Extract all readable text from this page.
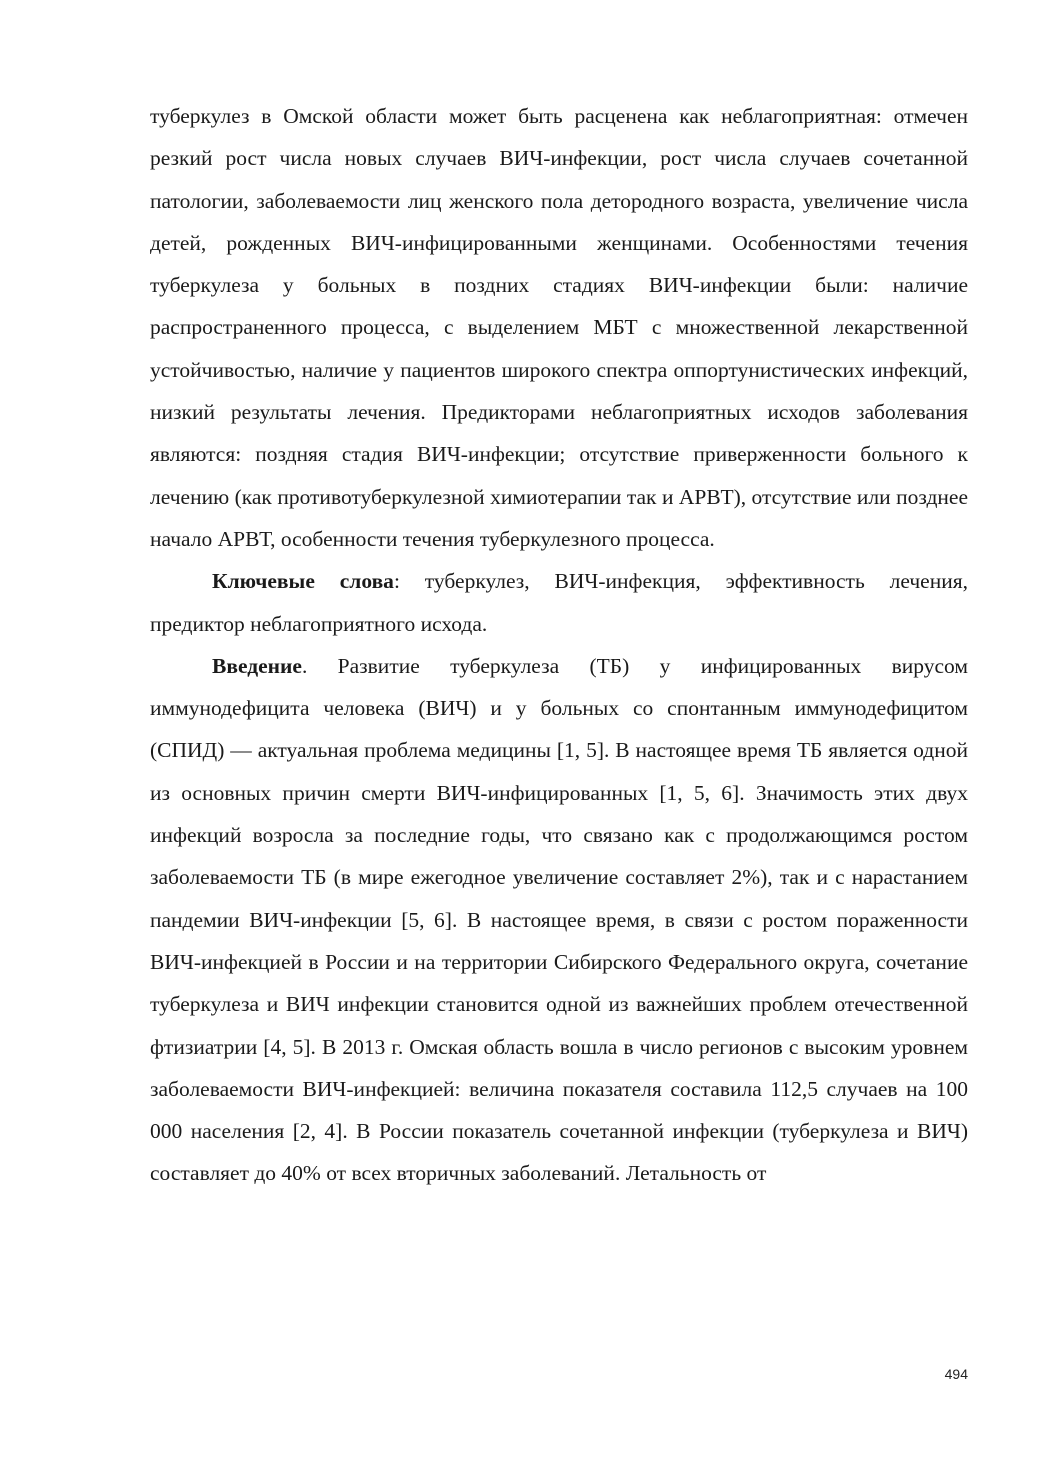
туберкулез в Омской области может быть расценена как неблагоприятная: отмечен резкий рост числа новых случаев ВИЧ-инфекции, рост числа случаев сочетанной патологии, заболеваемости лиц женского пола детородного возраста, увеличение числа детей, рожденных ВИЧ-инфицированными женщинами. Особенностями течения туберкулеза у больных в поздних стадиях ВИЧ-инфекции были: наличие распространенного процесса, с выделением МБТ с множественной лекарственной устойчивостью, наличие у пациентов широкого спектра оппортунистических инфекций, низкий результаты лечения. Предикторами неблагоприятных исходов заболевания являются: поздняя стадия ВИЧ-инфекции; отсутствие приверженности больного к лечению (как противотуберкулезной химиотерапии так и АРВТ), отсутствие или позднее начало АРВТ, особенности течения туберкулезного процесса.

Ключевые слова: туберкулез, ВИЧ-инфекция, эффективность лечения, предиктор неблагоприятного исхода.

Введение. Развитие туберкулеза (ТБ) у инфицированных вирусом иммунодефицита человека (ВИЧ) и у больных со спонтанным иммунодефицитом (СПИД) — актуальная проблема медицины [1, 5]. В настоящее время ТБ является одной из основных причин смерти ВИЧ-инфицированных [1, 5, 6]. Значимость этих двух инфекций возросла за последние годы, что связано как с продолжающимся ростом заболеваемости ТБ (в мире ежегодное увеличение составляет 2%), так и с нарастанием пандемии ВИЧ-инфекции [5, 6]. В настоящее время, в связи с ростом пораженности ВИЧ-инфекцией в России и на территории Сибирского Федерального округа, сочетание туберкулеза и ВИЧ инфекции становится одной из важнейших проблем отечественной фтизиатрии [4, 5]. В 2013 г. Омская область вошла в число регионов с высоким уровнем заболеваемости ВИЧ-инфекцией: величина показателя составила 112,5 случаев на 100 000 населения [2, 4]. В России показатель сочетанной инфекции (туберкулеза и ВИЧ) составляет до 40% от всех вторичных заболеваний. Летальность от

494
